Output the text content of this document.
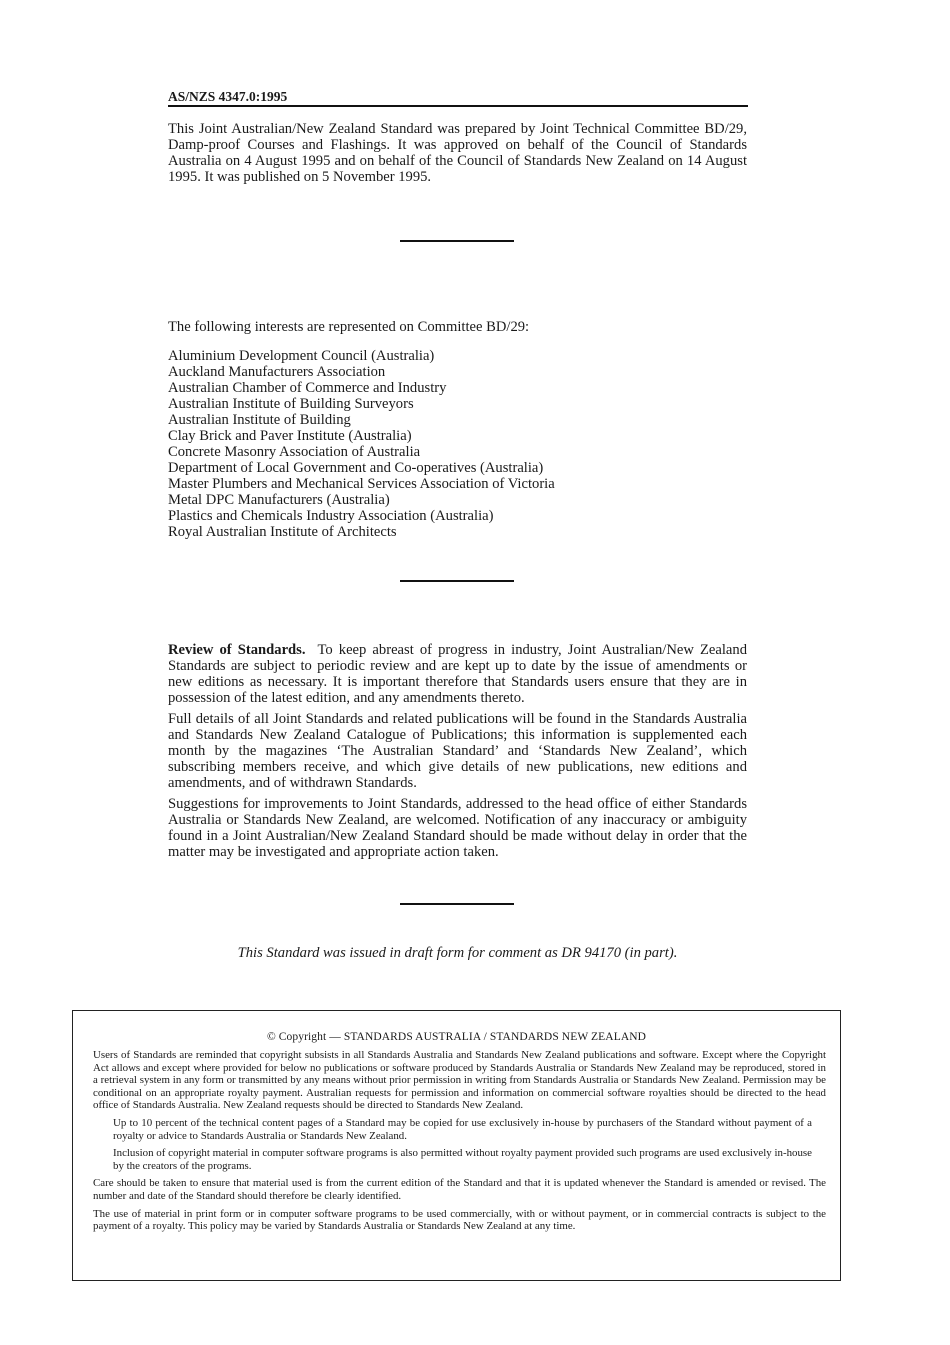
AS/NZS 4347.0:1995

This Joint Australian/New Zealand Standard was prepared by Joint Technical Committee BD/29, Damp-proof Courses and Flashings. It was approved on behalf of the Council of Standards Australia on 4 August 1995 and on behalf of the Council of Standards New Zealand on 14 August 1995. It was published on 5 November 1995.

The following interests are represented on Committee BD/29:

Aluminium Development Council (Australia)
Auckland Manufacturers Association
Australian Chamber of Commerce and Industry
Australian Institute of Building Surveyors
Australian Institute of Building
Clay Brick and Paver Institute (Australia)
Concrete Masonry Association of Australia
Department of Local Government and Co-operatives (Australia)
Master Plumbers and Mechanical Services Association of Victoria
Metal DPC Manufacturers (Australia)
Plastics and Chemicals Industry Association (Australia)
Royal Australian Institute of Architects

Review of Standards. To keep abreast of progress in industry, Joint Australian/New Zealand Standards are subject to periodic review and are kept up to date by the issue of amendments or new editions as necessary. It is important therefore that Standards users ensure that they are in possession of the latest edition, and any amendments thereto.

Full details of all Joint Standards and related publications will be found in the Standards Australia and Standards New Zealand Catalogue of Publications; this information is supplemented each month by the magazines ‘The Australian Standard’ and ‘Standards New Zealand’, which subscribing members receive, and which give details of new publications, new editions and amendments, and of withdrawn Standards.

Suggestions for improvements to Joint Standards, addressed to the head office of either Standards Australia or Standards New Zealand, are welcomed. Notification of any inaccuracy or ambiguity found in a Joint Australian/New Zealand Standard should be made without delay in order that the matter may be investigated and appropriate action taken.

This Standard was issued in draft form for comment as DR 94170 (in part).
© Copyright — STANDARDS AUSTRALIA / STANDARDS NEW ZEALAND

Users of Standards are reminded that copyright subsists in all Standards Australia and Standards New Zealand publications and software. Except where the Copyright Act allows and except where provided for below no publications or software produced by Standards Australia or Standards New Zealand may be reproduced, stored in a retrieval system in any form or transmitted by any means without prior permission in writing from Standards Australia or Standards New Zealand. Permission may be conditional on an appropriate royalty payment. Australian requests for permission and information on commercial software royalties should be directed to the head office of Standards Australia. New Zealand requests should be directed to Standards New Zealand.

Up to 10 percent of the technical content pages of a Standard may be copied for use exclusively in-house by purchasers of the Standard without payment of a royalty or advice to Standards Australia or Standards New Zealand.

Inclusion of copyright material in computer software programs is also permitted without royalty payment provided such programs are used exclusively in-house by the creators of the programs.

Care should be taken to ensure that material used is from the current edition of the Standard and that it is updated whenever the Standard is amended or revised. The number and date of the Standard should therefore be clearly identified.

The use of material in print form or in computer software programs to be used commercially, with or without payment, or in commercial contracts is subject to the payment of a royalty. This policy may be varied by Standards Australia or Standards New Zealand at any time.
